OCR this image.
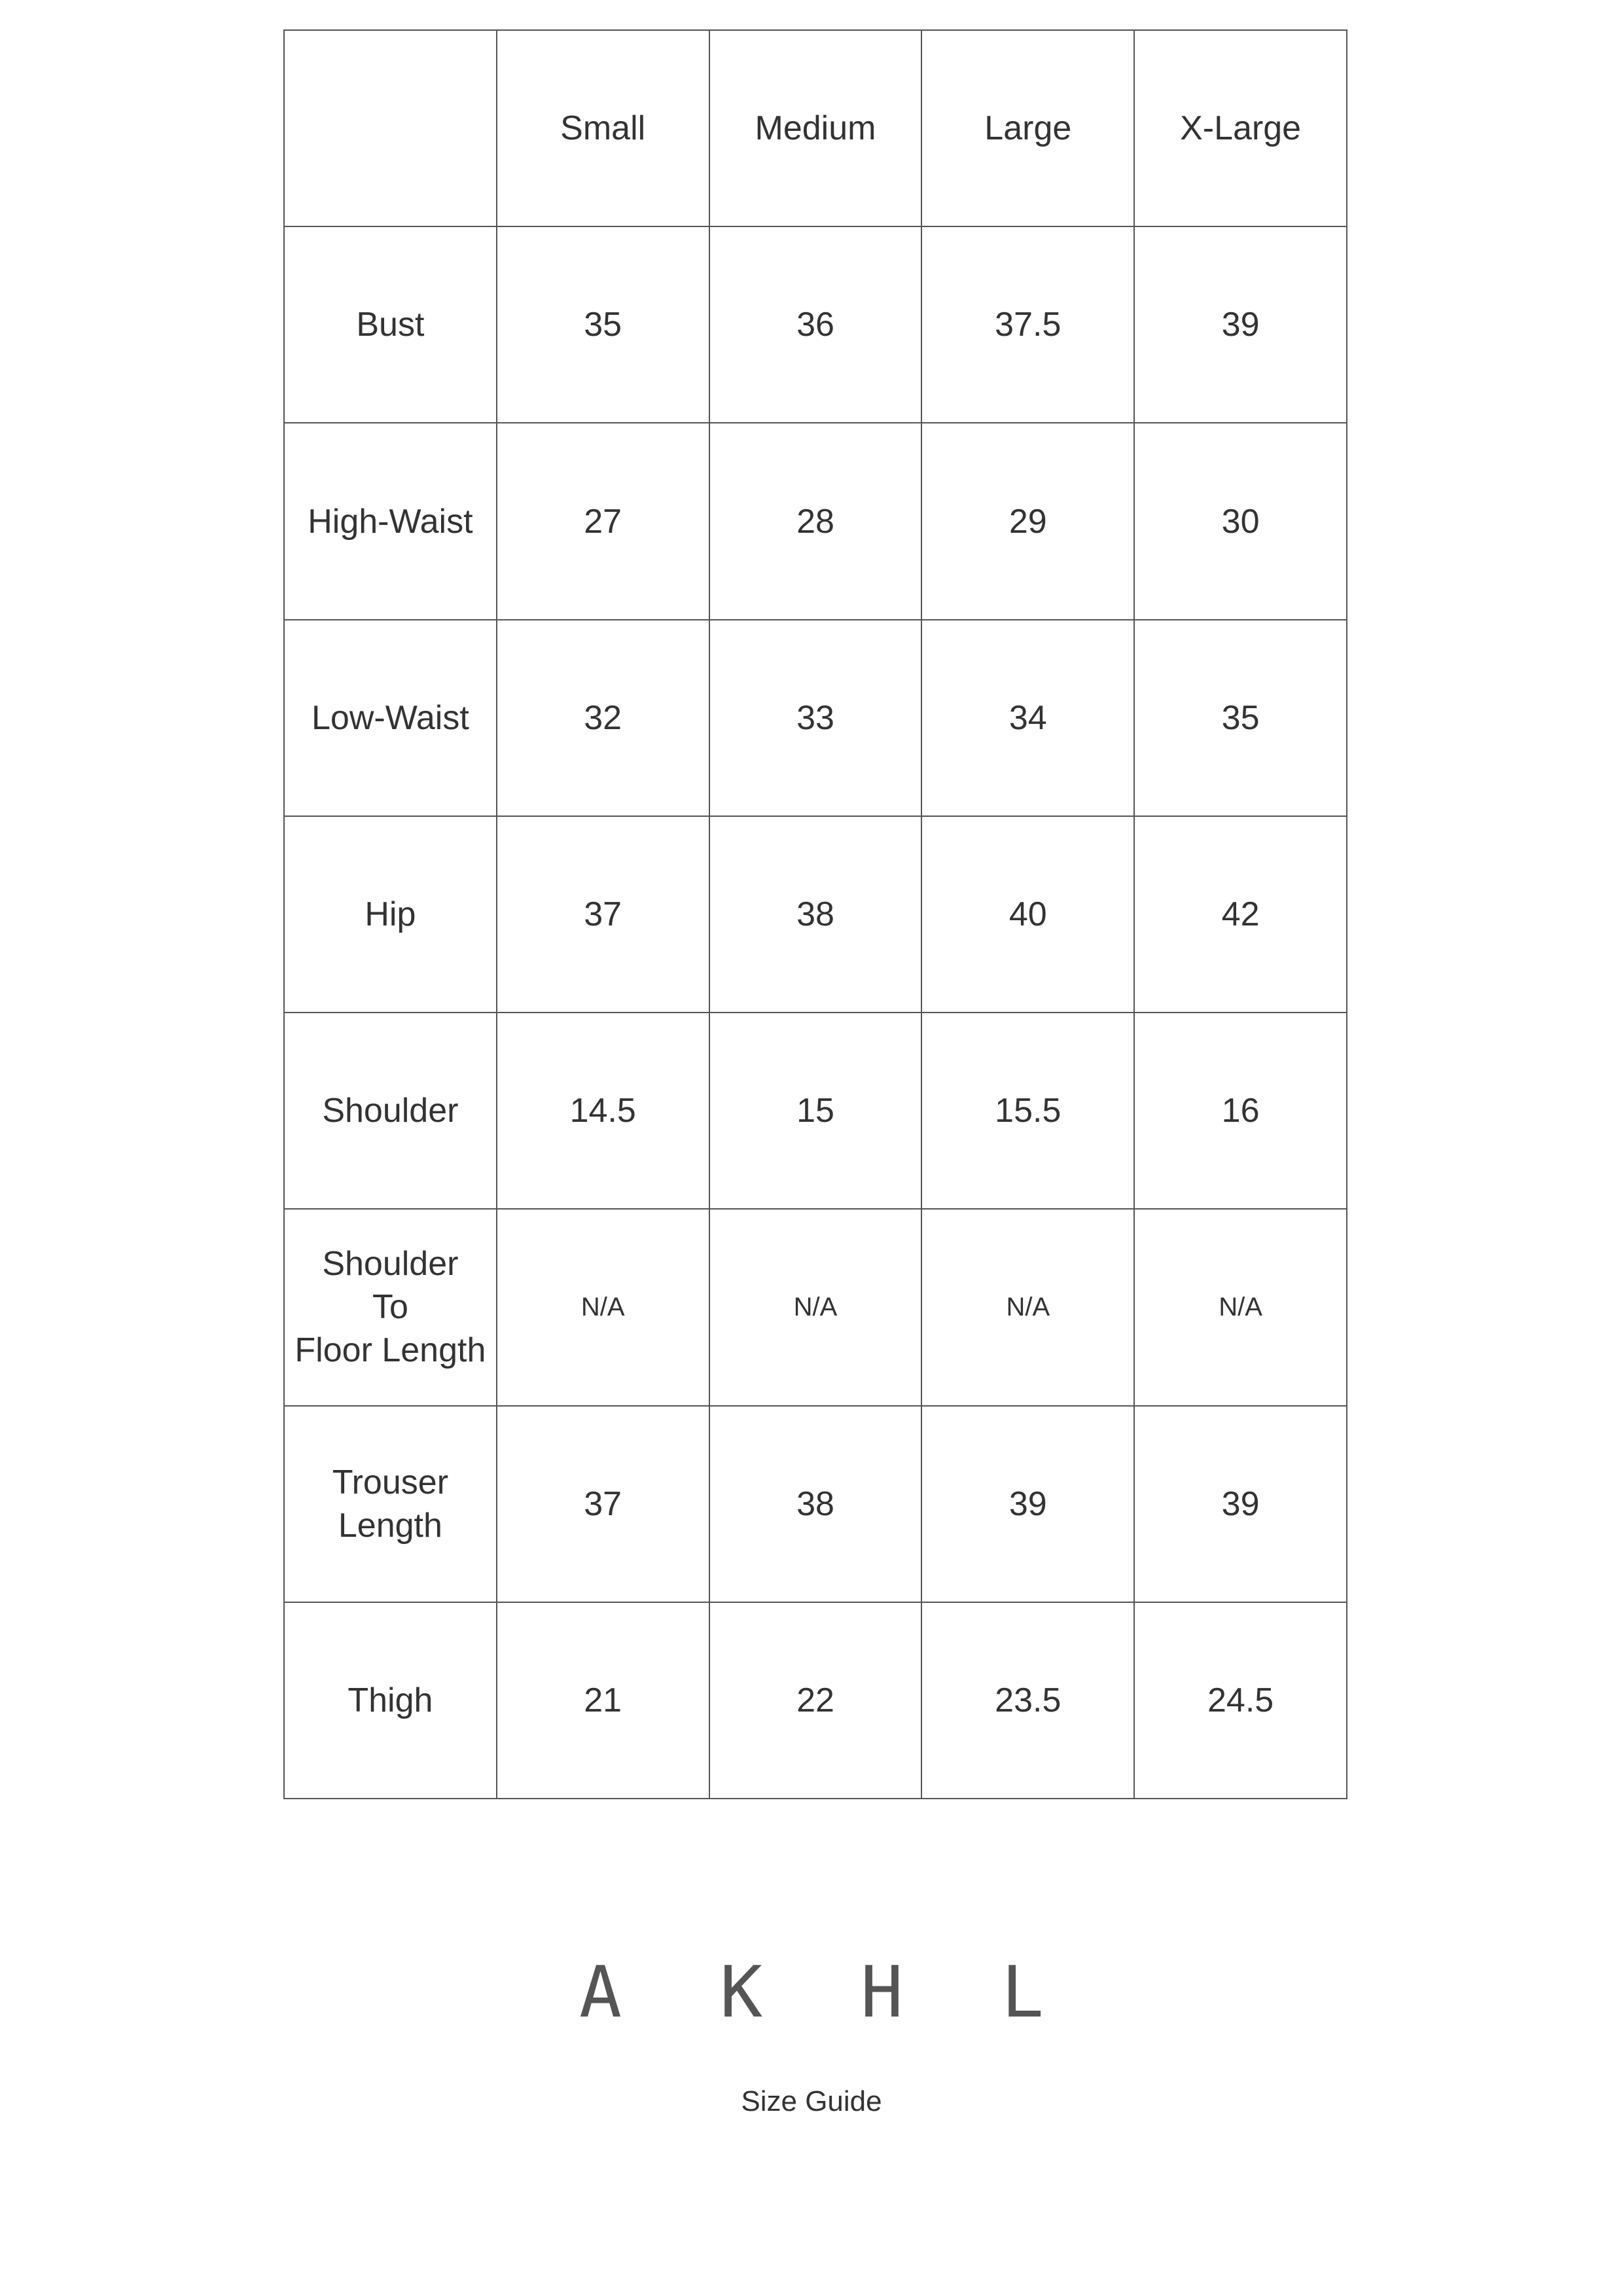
	Small	Medium	Large	X-Large

Bust	35	36	37.5	39

High-Waist	27	28	29	30

Low-Waist	32	33	34	35

Hip	37	38	40	42

Shoulder	14.5	15	15.5	16

Shoulder
To
Floor Length	N/A	N/A	N/A	N/A

Trouser
Length	37	38	39	39

Thigh	21	22	23.5	24.5
A K H L
Size Guide
